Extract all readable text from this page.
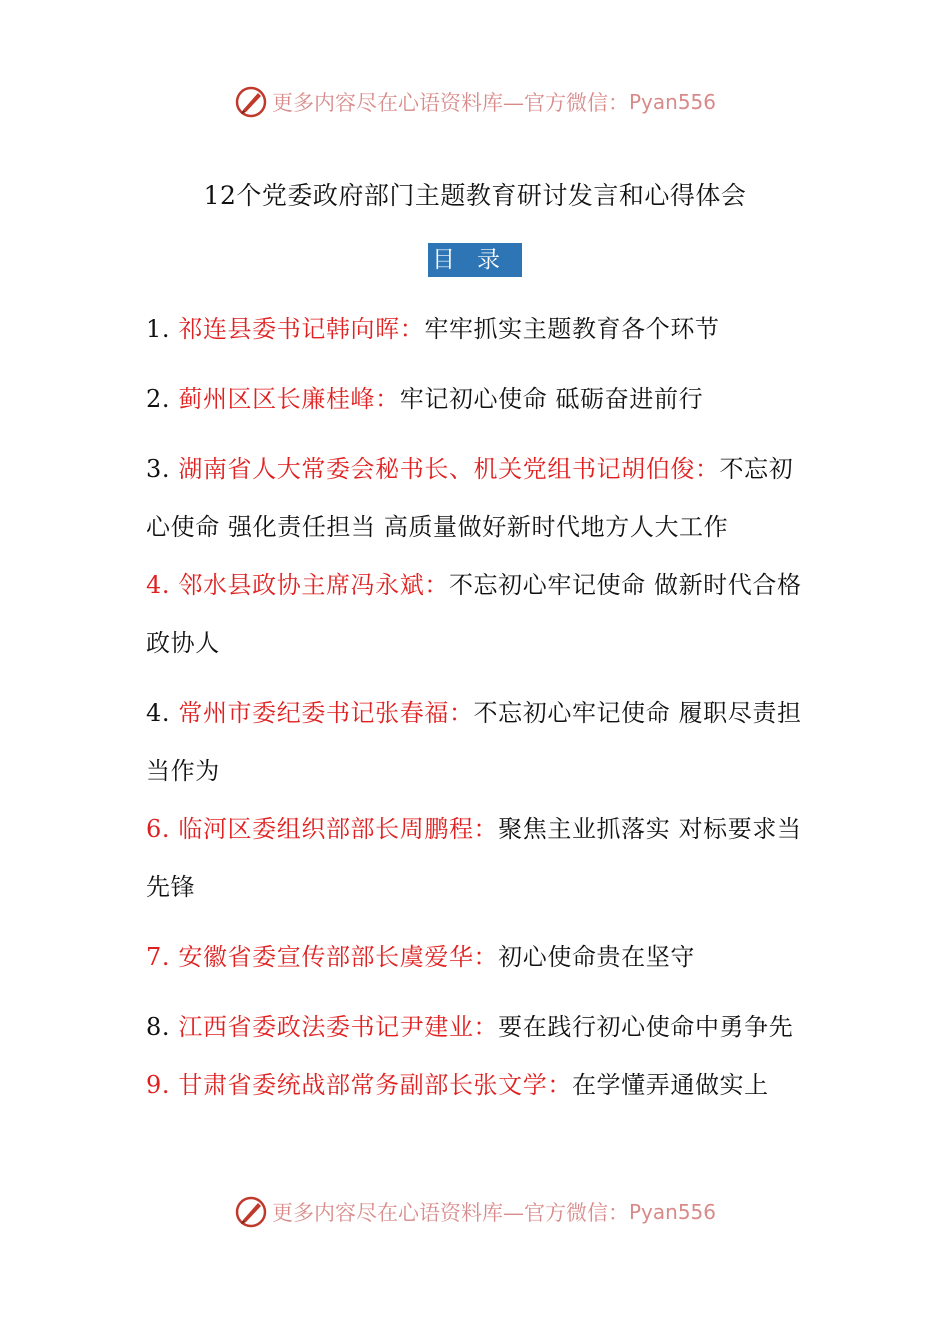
更多内容尽在心语资料库—官方微信： Pyan556
12个党委政府部门主题教育研讨发言和心得体会
目录
1. 祁连县委书记韩向晖：牢牢抓实主题教育各个环节
2. 蓟州区区长廉桂峰：牢记初心使命 砥砺奋进前行
3. 湖南省人大常委会秘书长、机关党组书记胡伯俊：不忘初心使命 强化责任担当 高质量做好新时代地方人大工作
4. 邻水县政协主席冯永斌：不忘初心牢记使命 做新时代合格政协人
4. 常州市委纪委书记张春福：不忘初心牢记使命 履职尽责担当作为
6. 临河区委组织部部长周鹏程：聚焦主业抓落实 对标要求当先锋
7. 安徽省委宣传部部长虞爱华：初心使命贵在坚守
8. 江西省委政法委书记尹建业：要在践行初心使命中勇争先
9. 甘肃省委统战部常务副部长张文学：在学懂弄通做实上
更多内容尽在心语资料库—官方微信： Pyan556
